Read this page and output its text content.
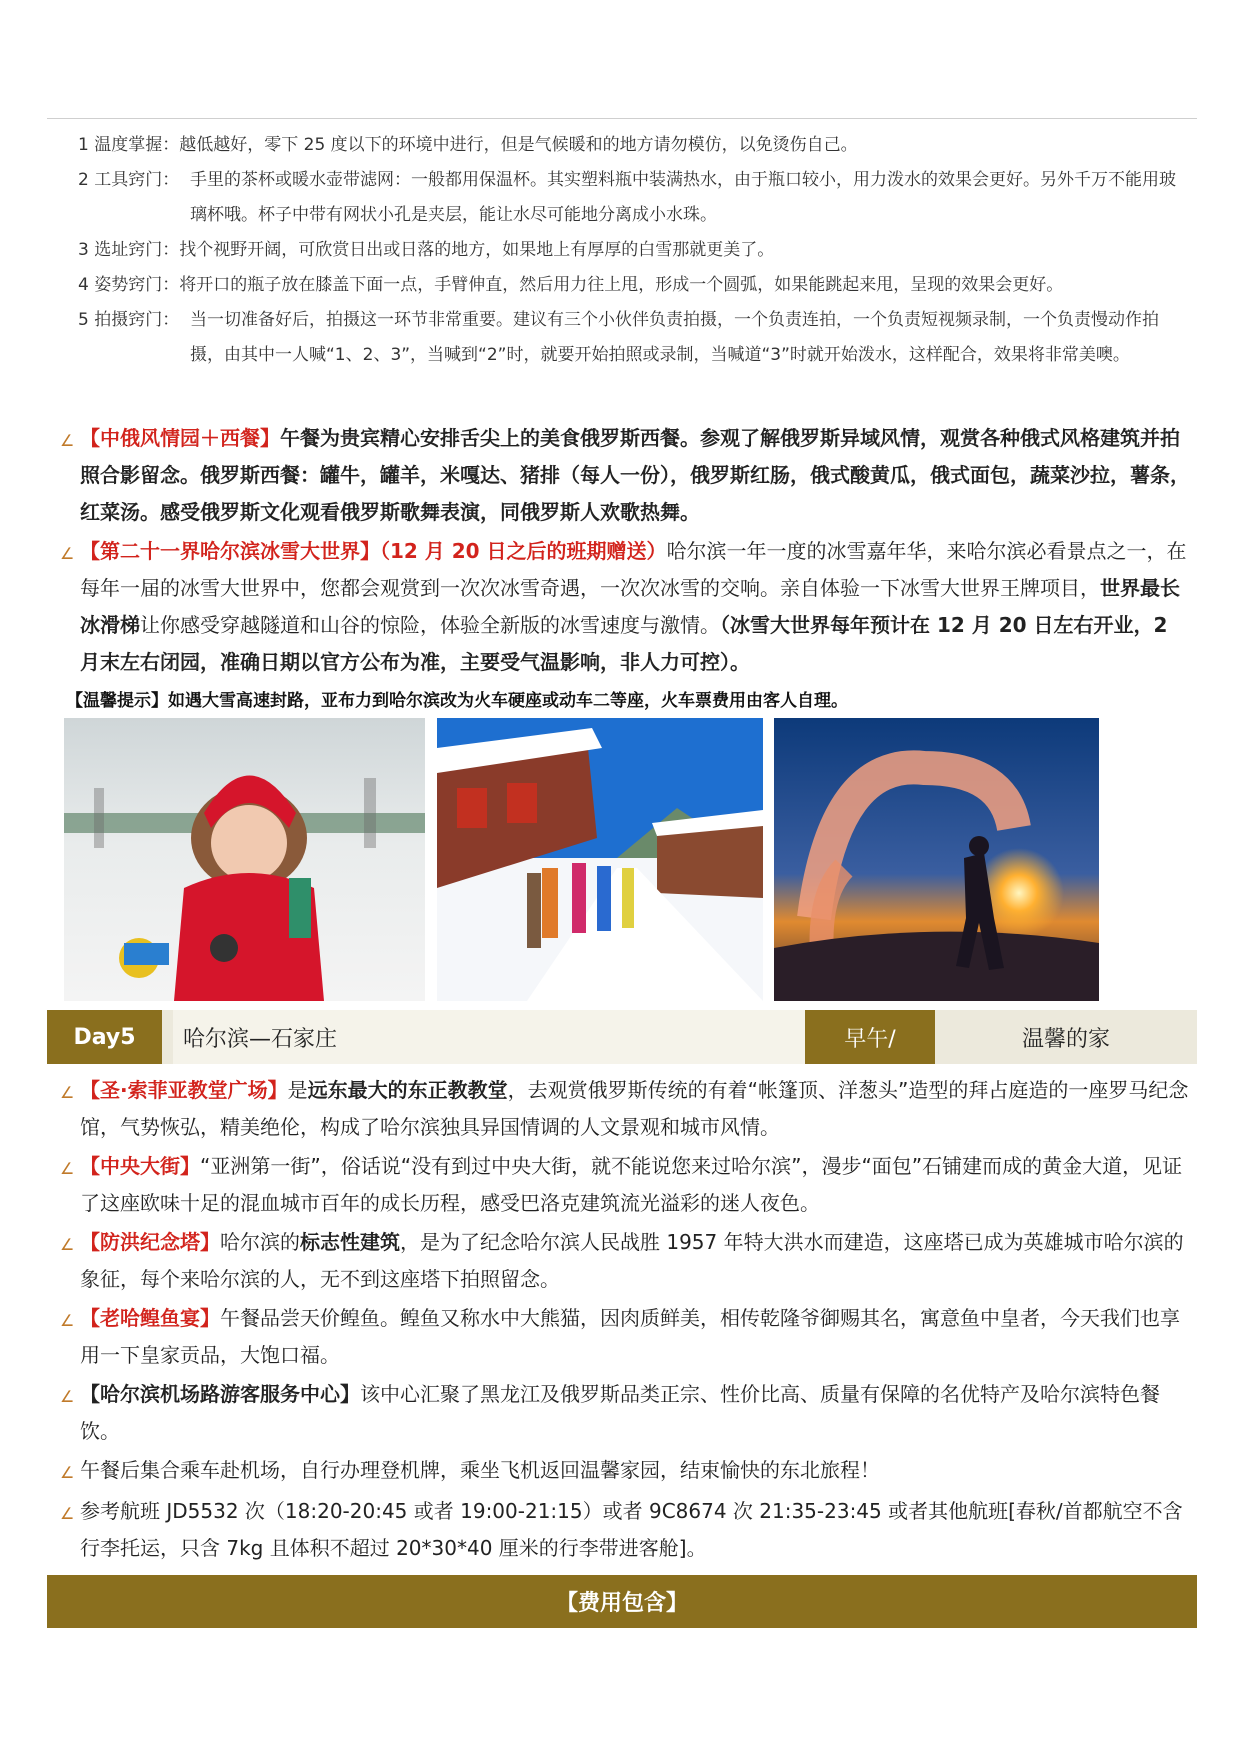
1 温度掌握： 越低越好，零下 25 度以下的环境中进行，但是气候暖和的地方请勿模仿，以免烫伤自己。
2 工具窍门： 手里的茶杯或暖水壶带滤网：一般都用保温杯。其实塑料瓶中装满热水，由于瓶口较小，用力泼水的效果会更好。另外千万不能用玻璃杯哦。杯子中带有网状小孔是夹层，能让水尽可能地分离成小水珠。
3 选址窍门： 找个视野开阔，可欣赏日出或日落的地方，如果地上有厚厚的白雪那就更美了。
4 姿势窍门： 将开口的瓶子放在膝盖下面一点，手臂伸直，然后用力往上甩，形成一个圆弧，如果能跳起来甩，呈现的效果会更好。
5 拍摄窍门： 当一切准备好后，拍摄这一环节非常重要。建议有三个小伙伴负责拍摄，一个负责连拍，一个负责短视频录制，一个负责慢动作拍摄，由其中一人喊“1、2、3”，当喊到“2”时，就要开始拍照或录制，当喊道“3”时就开始泼水，这样配合，效果将非常美噢。
∠ 【中俄风情园＋西餐】午餐为贵宾精心安排舌尖上的美食俄罗斯西餐。参观了解俄罗斯异域风情，观赏各种俄式风格建筑并拍照合影留念。俄罗斯西餐：罐牛，罐羊，米嘎达、猪排（每人一份），俄罗斯红肠，俄式酸黄瓜，俄式面包，蔬菜沙拉，薯条，红菜汤。感受俄罗斯文化观看俄罗斯歌舞表演，同俄罗斯人欢歌热舞。
∠ 【第二十一界哈尔滨冰雪大世界】（12 月 20 日之后的班期赠送）哈尔滨一年一度的冰雪嘉年华，来哈尔滨必看景点之一，在每年一届的冰雪大世界中，您都会观赏到一次次冰雪奇遇，一次次冰雪的交响。亲自体验一下冰雪大世界王牌项目，世界最长冰滑梯让你感受穿越隧道和山谷的惊险，体验全新版的冰雪速度与激情。（冰雪大世界每年预计在 12 月 20 日左右开业，2 月末左右闭园，准确日期以官方公布为准，主要受气温影响，非人力可控）。
【温馨提示】如遇大雪高速封路，亚布力到哈尔滨改为火车硬座或动车二等座，火车票费用由客人自理。
Day5	哈尔滨—石家庄	早午/	温馨的家
∠ 【圣·索菲亚教堂广场】是远东最大的东正教教堂，去观赏俄罗斯传统的有着“帐篷顶、洋葱头”造型的拜占庭造的一座罗马纪念馆，气势恢弘，精美绝伦，构成了哈尔滨独具异国情调的人文景观和城市风情。
∠ 【中央大街】“亚洲第一街”，俗话说“没有到过中央大街，就不能说您来过哈尔滨”，漫步“面包”石铺建而成的黄金大道，见证了这座欧味十足的混血城市百年的成长历程，感受巴洛克建筑流光溢彩的迷人夜色。
∠ 【防洪纪念塔】哈尔滨的标志性建筑，是为了纪念哈尔滨人民战胜 1957 年特大洪水而建造，这座塔已成为英雄城市哈尔滨的象征，每个来哈尔滨的人，无不到这座塔下拍照留念。
∠ 【老哈鳇鱼宴】午餐品尝天价鳇鱼。鳇鱼又称水中大熊猫，因肉质鲜美，相传乾隆爷御赐其名，寓意鱼中皇者，今天我们也享用一下皇家贡品，大饱口福。
∠ 【哈尔滨机场路游客服务中心】该中心汇聚了黑龙江及俄罗斯品类正宗、性价比高、质量有保障的名优特产及哈尔滨特色餐饮。
∠ 午餐后集合乘车赴机场，自行办理登机牌，乘坐飞机返回温馨家园，结束愉快的东北旅程！
∠ 参考航班 JD5532 次（18:20-20:45 或者 19:00-21:15）或者 9C8674 次 21:35-23:45 或者其他航班[春秋/首都航空不含行李托运，只含 7kg 且体积不超过 20*30*40 厘米的行李带进客舱]。
【费用包含】
